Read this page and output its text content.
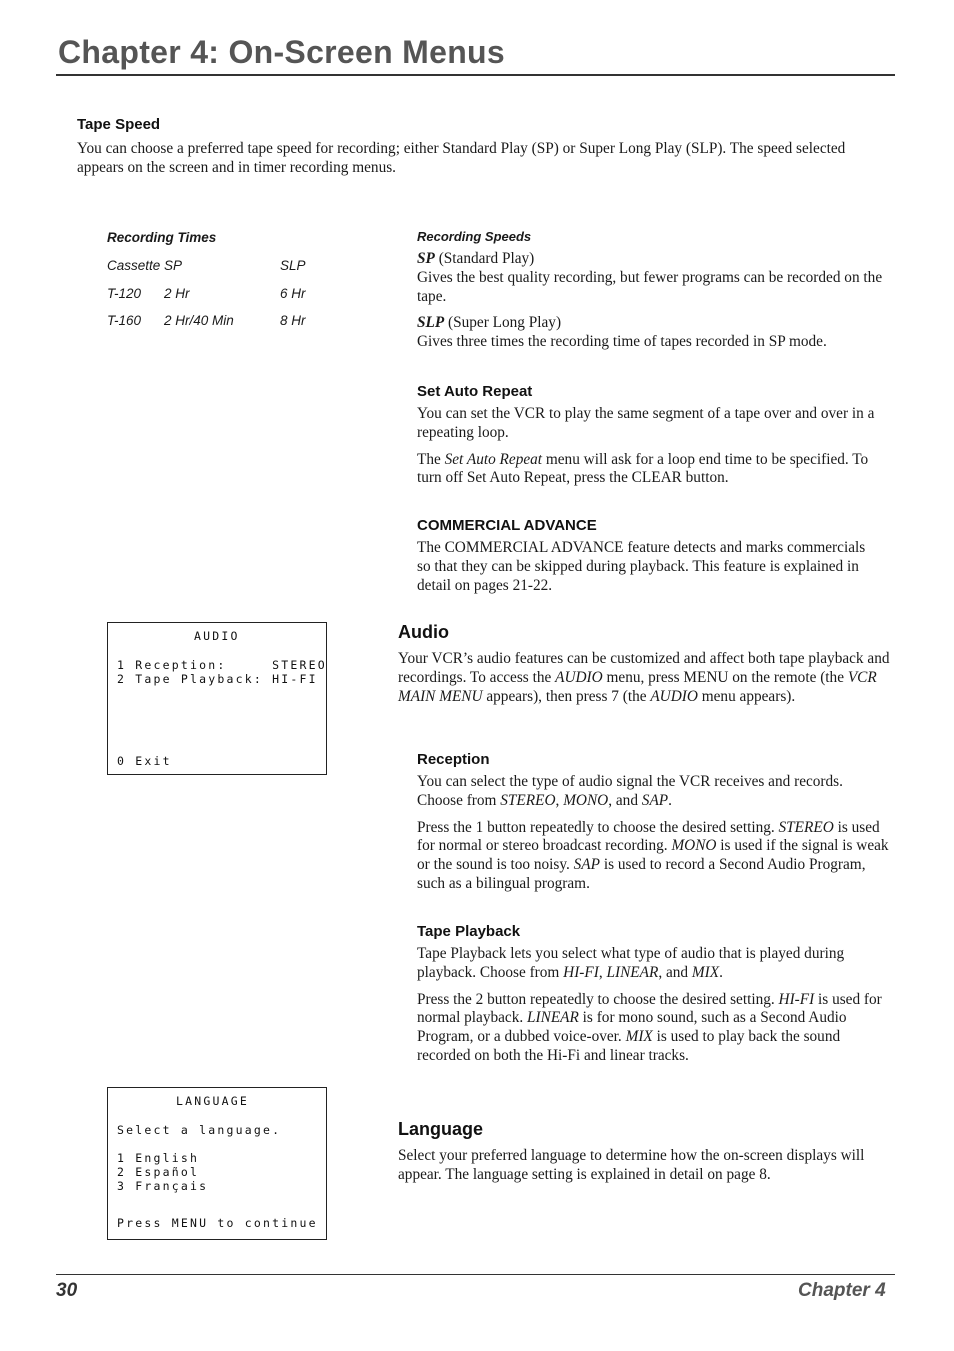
Chapter 4: On-Screen Menus
Tape Speed

You can choose a preferred tape speed for recording; either Standard Play (SP) or Super Long Play (SLP). The speed selected appears on the screen and in timer recording menus.

Recording Times
Cassette SP	SLP
T-120 2 Hr	6 Hr
T-160 2 Hr/40 Min	8 Hr
Recording Speeds

SP (Standard Play)
Gives the best quality recording, but fewer programs can be recorded on the tape.

SLP (Super Long Play)
Gives three times the recording time of tapes recorded in SP mode.

Set Auto Repeat

You can set the VCR to play the same segment of a tape over and over in a repeating loop.

The Set Auto Repeat menu will ask for a loop end time to be specified. To turn off Set Auto Repeat, press the CLEAR button.

COMMERCIAL ADVANCE

The COMMERCIAL ADVANCE feature detects and marks commercials so that they can be skipped during playback. This feature is explained in detail on pages 21-22.

AUDIO
1 Reception:     STEREO
2 Tape Playback: HI-FI
0 Exit
Audio

Your VCR’s audio features can be customized and affect both tape playback and recordings. To access the AUDIO menu, press MENU on the remote (the VCR MAIN MENU appears), then press 7 (the AUDIO menu appears).

Reception

You can select the type of audio signal the VCR receives and records. Choose from STEREO, MONO, and SAP.

Press the 1 button repeatedly to choose the desired setting. STEREO is used for normal or stereo broadcast recording. MONO is used if the signal is weak or the sound is too noisy. SAP is used to record a Second Audio Program, such as a bilingual program.

Tape Playback

Tape Playback lets you select what type of audio that is played during playback. Choose from HI-FI, LINEAR, and MIX.

Press the 2 button repeatedly to choose the desired setting. HI-FI is used for normal playback. LINEAR is for mono sound, such as a Second Audio Program, or a dubbed voice-over. MIX is used to play back the sound recorded on both the Hi-Fi and linear tracks.

LANGUAGE
Select a language.
1 English
2 Español
3 Français
Press MENU to continue
Language

Select your preferred language to determine how the on-screen displays will appear. The language setting is explained in detail on page 8.

30	Chapter 4
